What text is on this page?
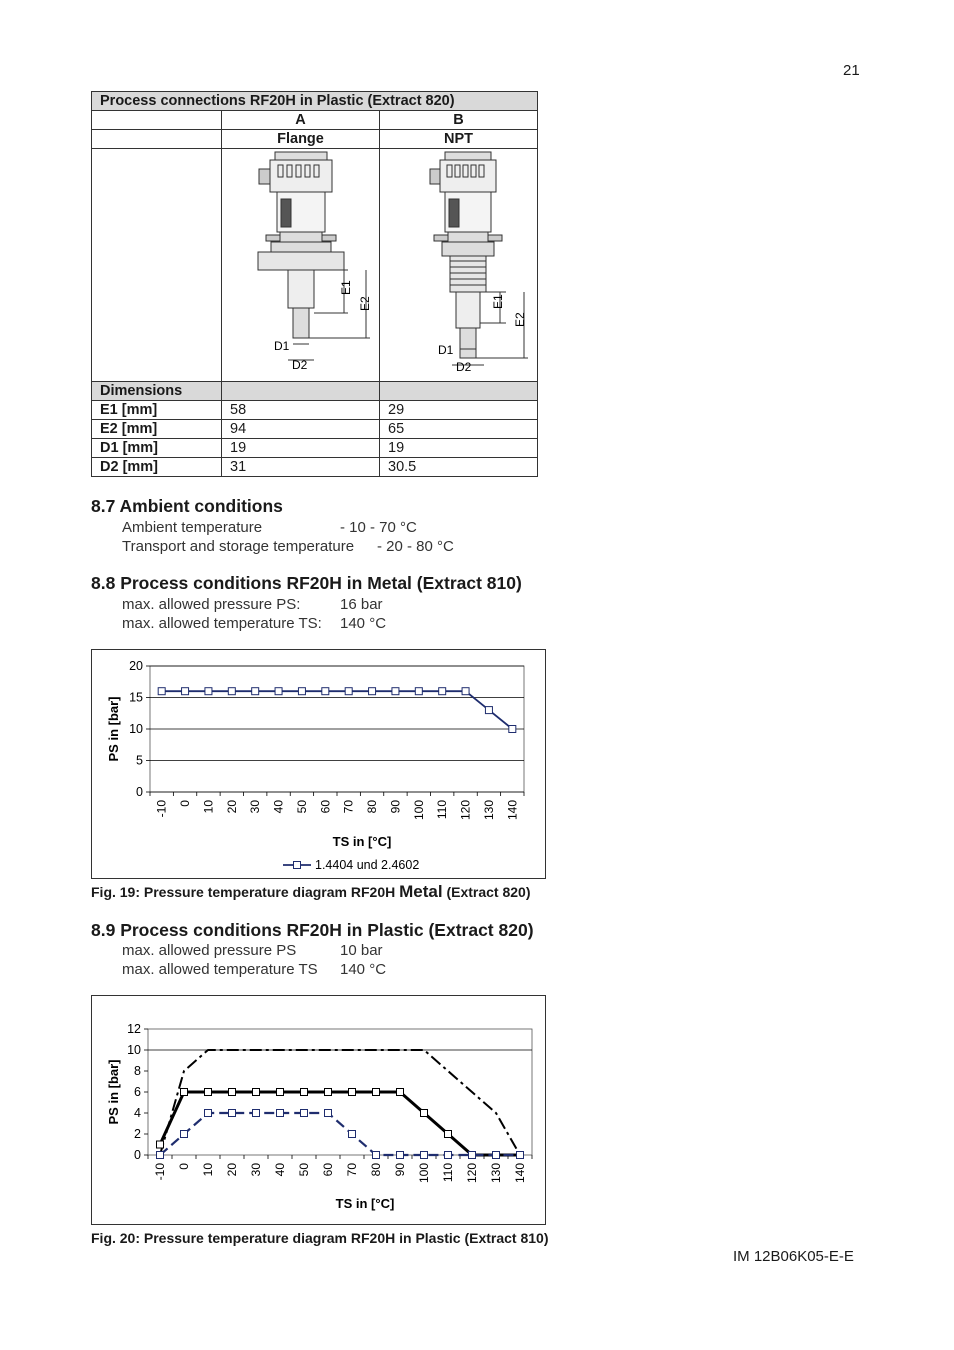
21
Process connections RF20H in Plastic (Extract 820)		
	A	B
	Flange	NPT

E1
E2
D1
D2	E1
E2
D1
D2

Dimensions		
E1 [mm]	58	29
E2 [mm]	94	65
D1 [mm]	19	19
D2 [mm]	31	30.5
8.7 Ambient conditions
Ambient temperature	- 10 - 70 °C
Transport and storage temperature - 20 - 80 °C
8.8 Process conditions RF20H in Metal (Extract 810)
max. allowed pressure PS:	16 bar
max. allowed temperature TS: 140 °C
0
5
10
15
20
-10 0 10 20 30 40 50 60 70 80 90 100 110 120 130 140
TS in [°C]
PS in [bar]
1.4404 und 2.4602
Fig. 19: Pressure temperature diagram RF20H Metal (Extract 820)
8.9 Process conditions RF20H in Plastic (Extract 820)
max. allowed pressure PS	10 bar
max. allowed temperature TS 140 °C
0
2
4
6
8
10
12
-10 0 10 20 30 40 50 60 70 80 90 100 110 120 130 140
TS in [°C]
PS in [bar]
Fig. 20: Pressure temperature diagram RF20H in Plastic (Extract 810)
IM 12B06K05-E-E
